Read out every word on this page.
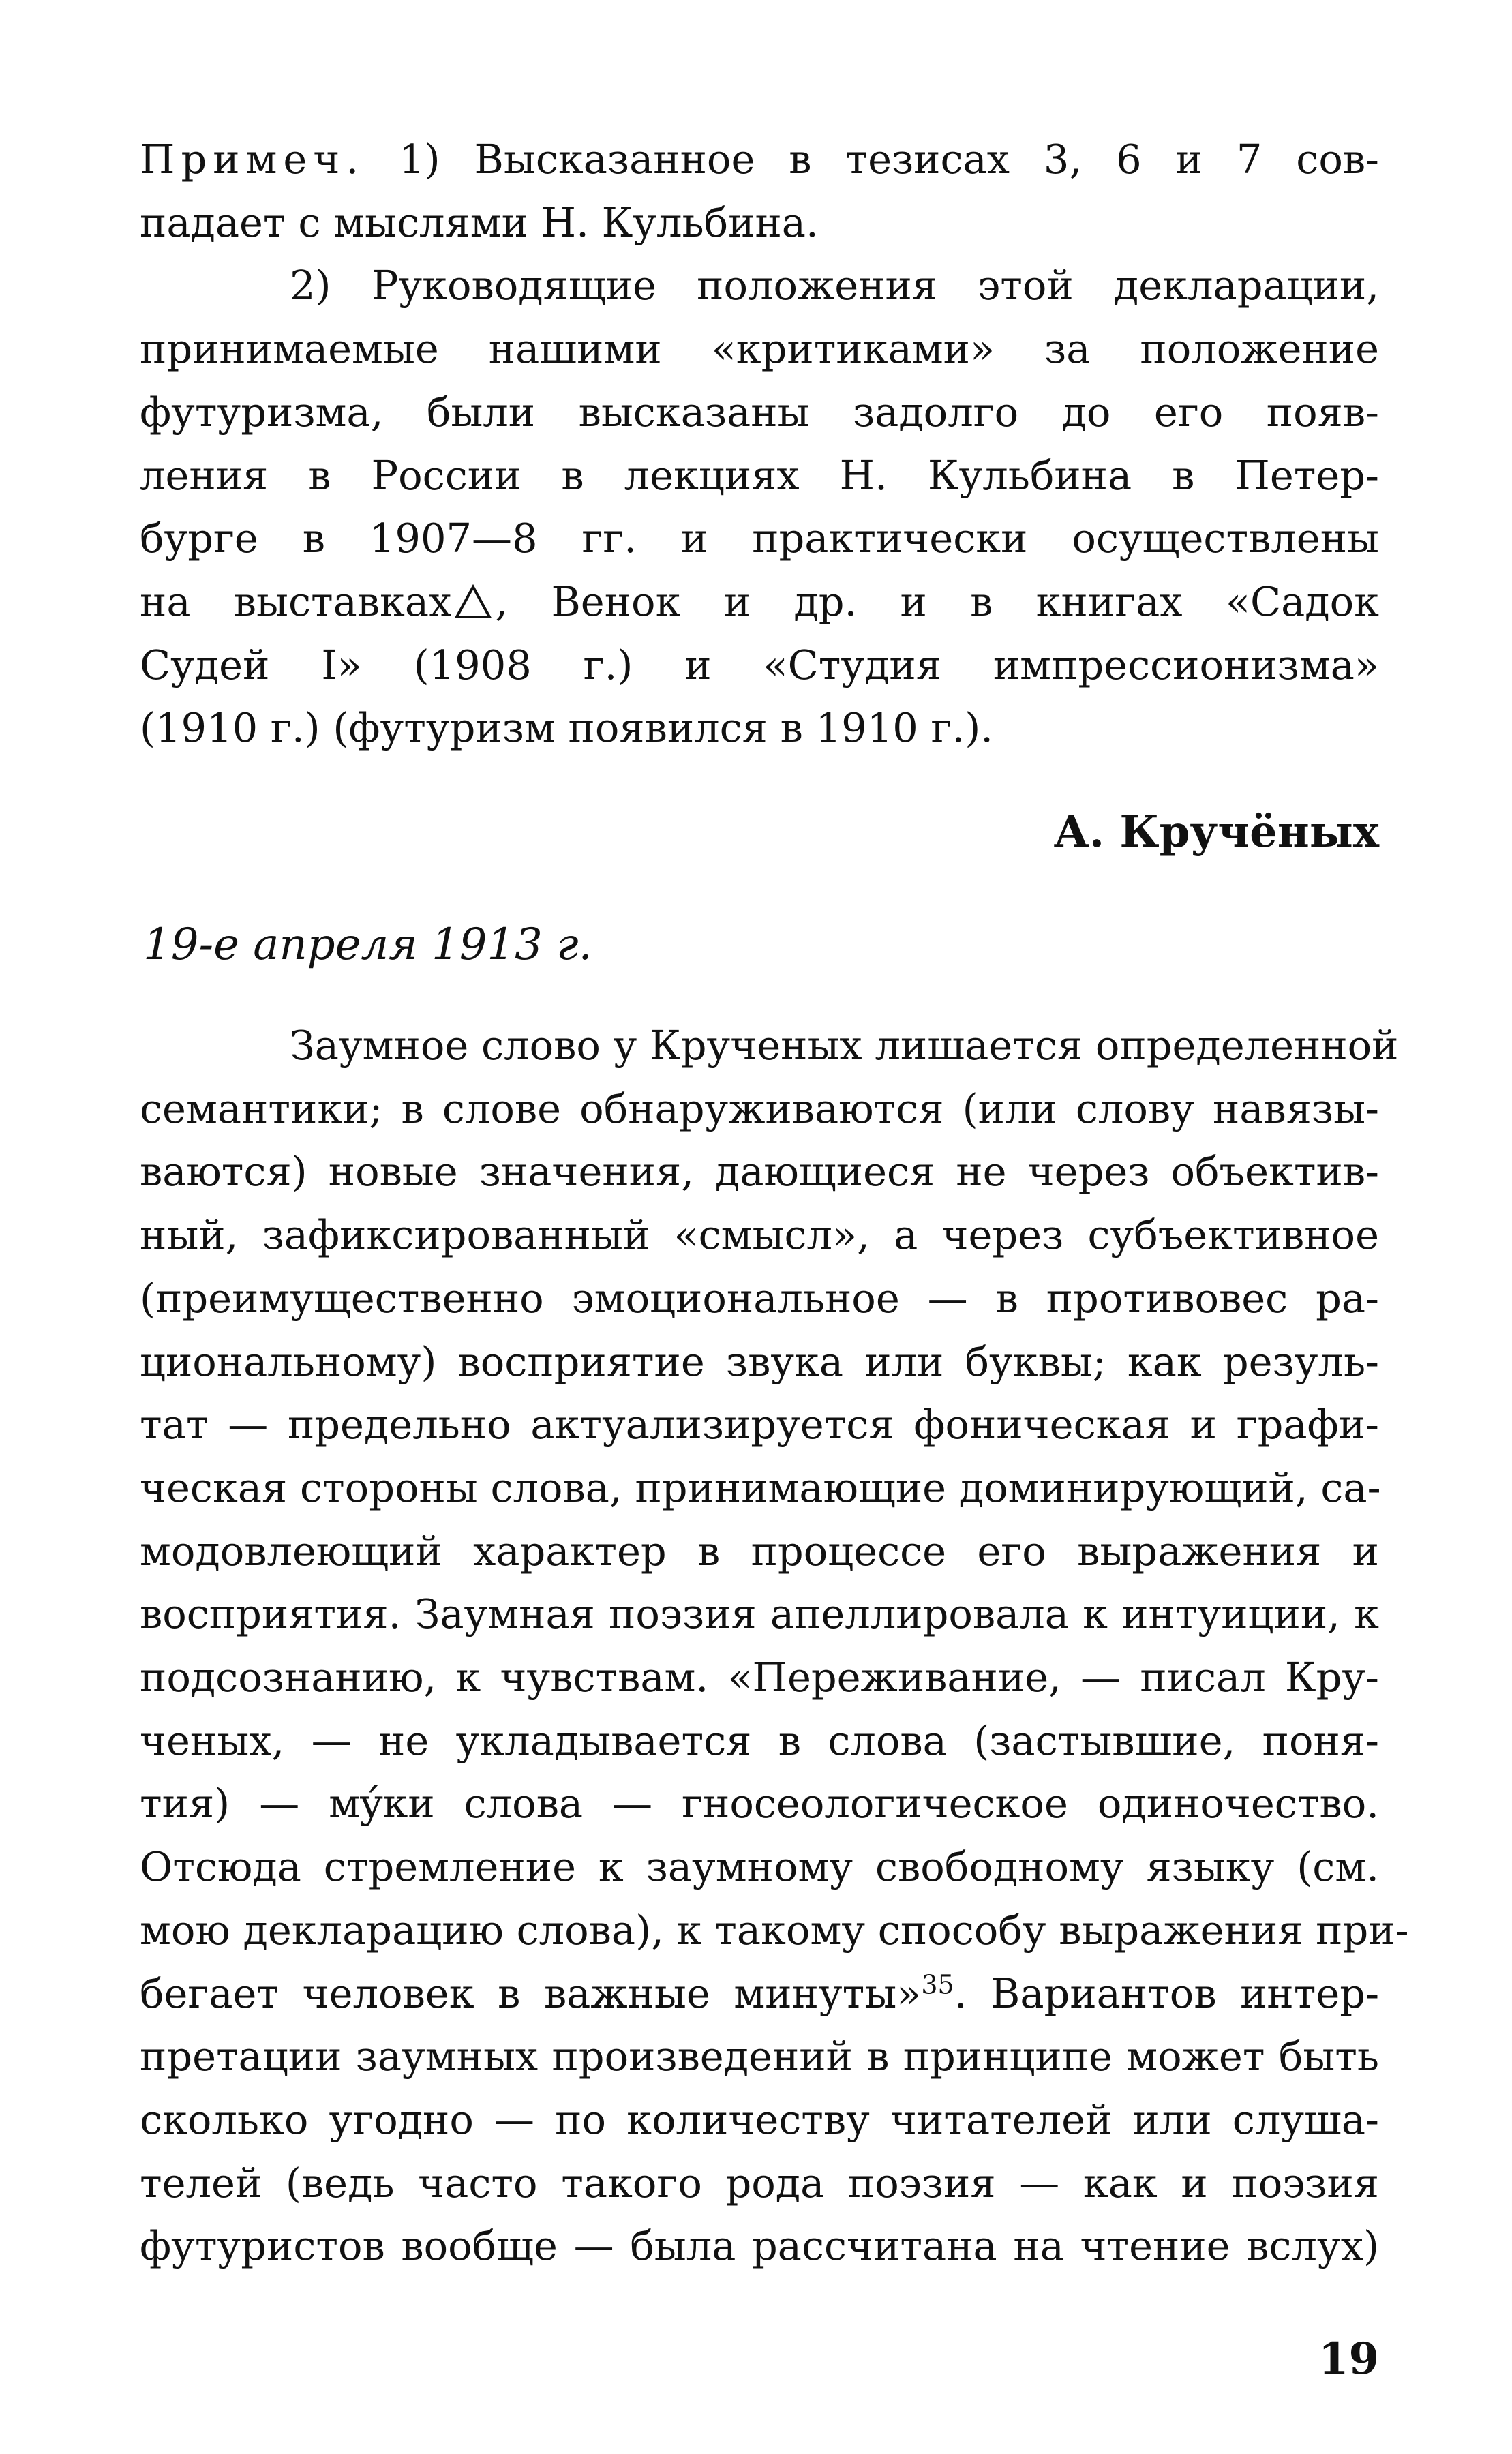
Примеч. 1) Высказанное в тезисах 3, 6 и 7 сов-
падает с мыслями Н. Кульбина.
2) Руководящие положения этой декларации,
принимаемые нашими «критиками» за положение
футуризма, были высказаны задолго до его появ-
ления в России в лекциях Н. Кульбина в Петер-
бурге в 1907—8 гг. и практически осуществлены
на выставках , Венок и др. и в книгах «Садок
Судей I» (1908 г.) и «Студия импрессионизма»
(1910 г.) (футуризм появился в 1910 г.).
А. Кручёных
19-е апреля 1913 г.
Заумное слово у Крученых лишается определенной
семантики; в слове обнаруживаются (или слову навязы-
ваются) новые значения, дающиеся не через объектив-
ный, зафиксированный «смысл», а через субъективное
(преимущественно эмоциональное — в противовес ра-
циональному) восприятие звука или буквы; как резуль-
тат — предельно актуализируется фоническая и графи-
ческая стороны слова, принимающие доминирующий, са-
модовлеющий характер в процессе его выражения и
восприятия. Заумная поэзия апеллировала к интуиции, к
подсознанию, к чувствам. «Переживание, — писал Кру-
ченых, — не укладывается в слова (застывшие, поня-
тия) — мýки слова — гносеологическое одиночество.
Отсюда стремление к заумному свободному языку (см.
мою декларацию слова), к такому способу выражения при-
бегает человек в важные минуты»$^{35}$. Вариантов интер-
претации заумных произведений в принципе может быть
сколько угодно — по количеству читателей или слуша-
телей (ведь часто такого рода поэзия — как и поэзия
футуристов вообще — была рассчитана на чтение вслух)
19
